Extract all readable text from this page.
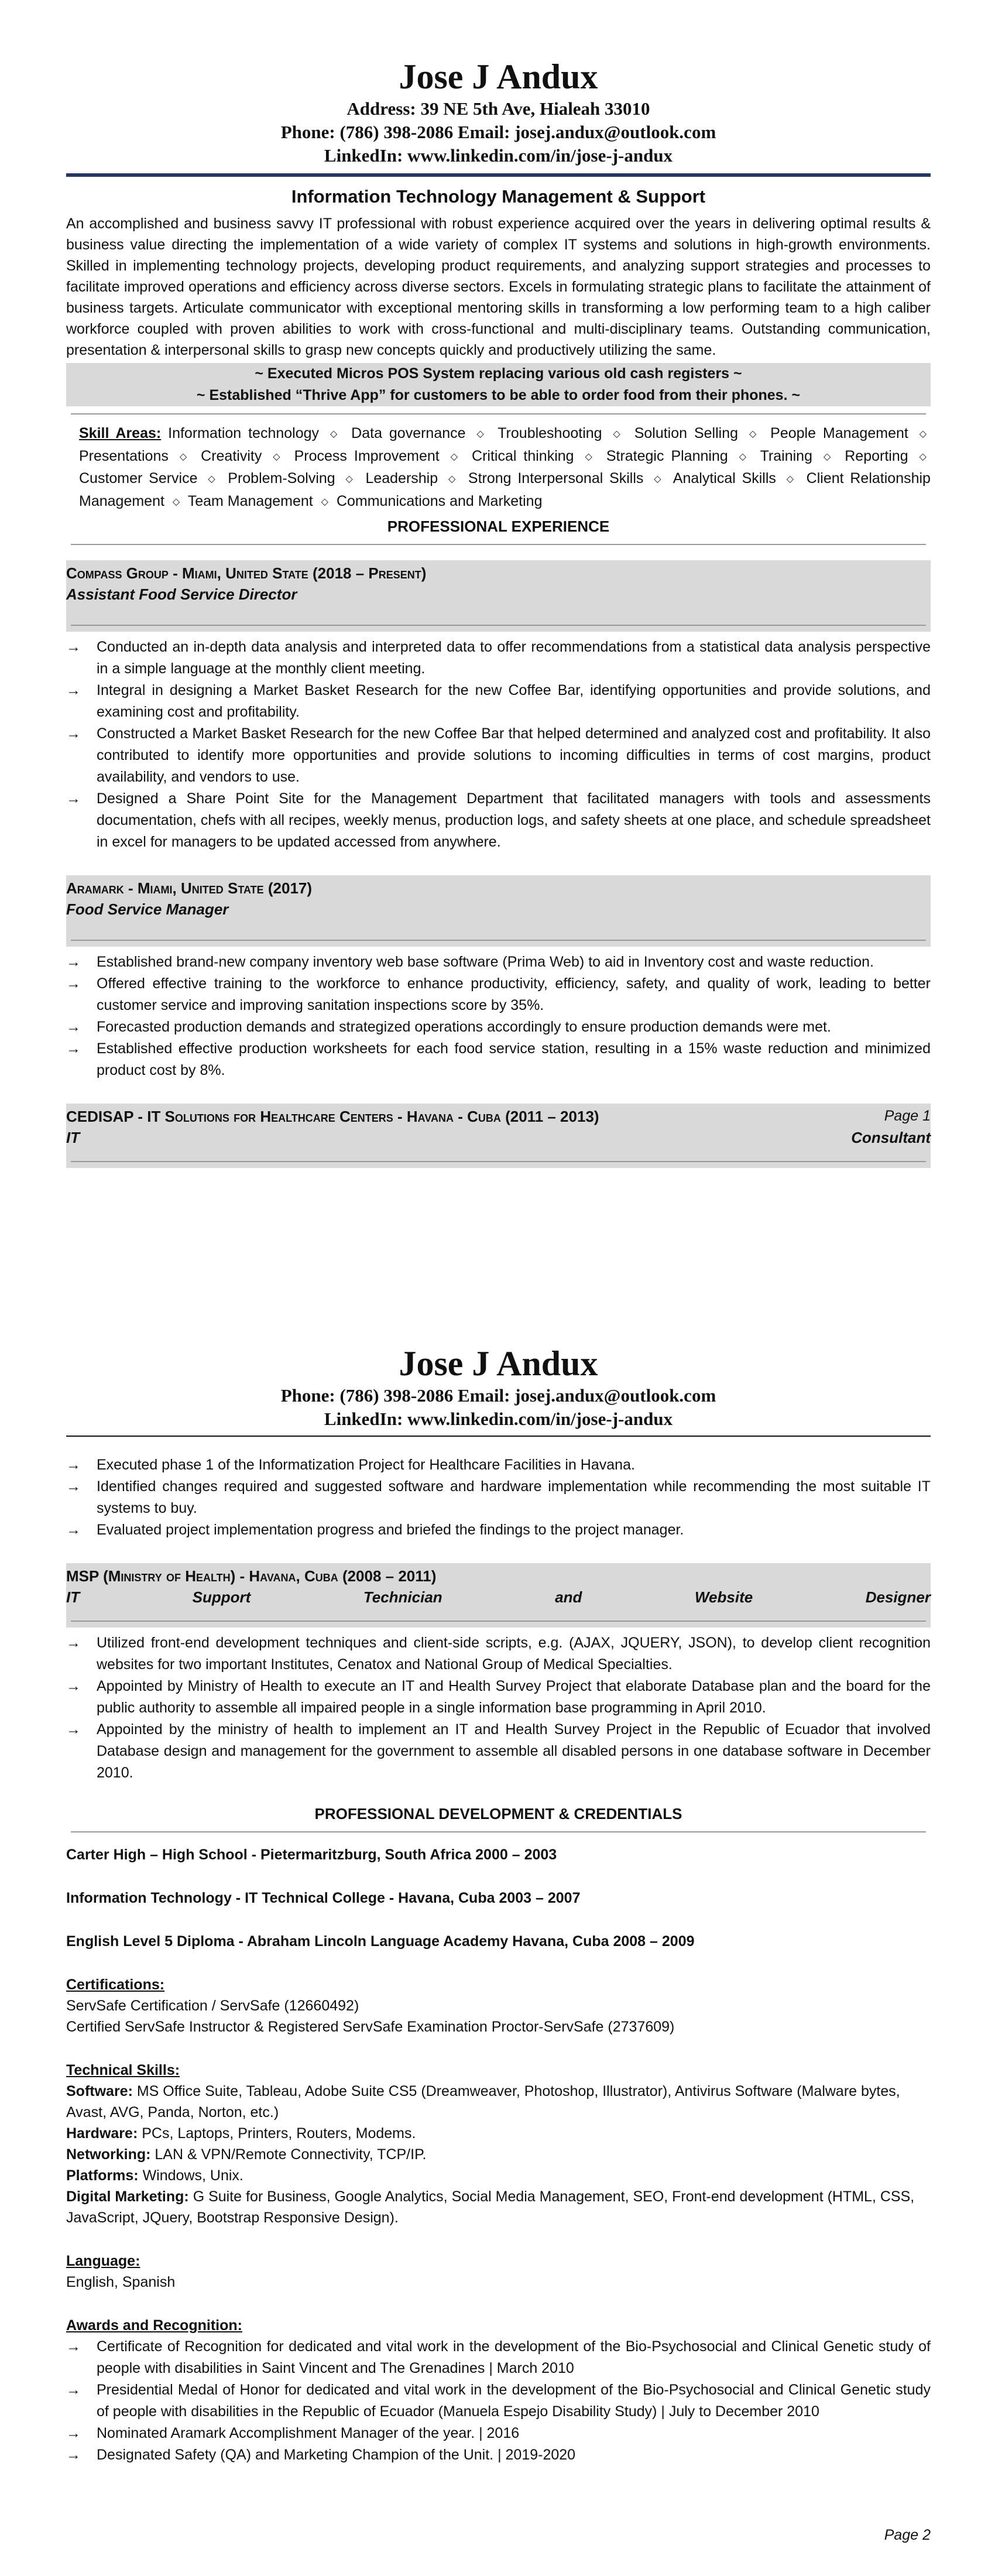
Jose J Andux
Address: 39 NE 5th Ave, Hialeah 33010
Phone: (786) 398-2086 Email: josej.andux@outlook.com
LinkedIn: www.linkedin.com/in/jose-j-andux
Information Technology Management & Support
An accomplished and business savvy IT professional with robust experience acquired over the years in delivering optimal results & business value directing the implementation of a wide variety of complex IT systems and solutions in high-growth environments. Skilled in implementing technology projects, developing product requirements, and analyzing support strategies and processes to facilitate improved operations and efficiency across diverse sectors. Excels in formulating strategic plans to facilitate the attainment of business targets. Articulate communicator with exceptional mentoring skills in transforming a low performing team to a high caliber workforce coupled with proven abilities to work with cross-functional and multi-disciplinary teams. Outstanding communication, presentation & interpersonal skills to grasp new concepts quickly and productively utilizing the same.
~ Executed Micros POS System replacing various old cash registers ~
~ Established “Thrive App” for customers to be able to order food from their phones. ~
Skill Areas: Information technology ◇ Data governance ◇ Troubleshooting ◇ Solution Selling ◇ People Management ◇ Presentations ◇ Creativity ◇ Process Improvement ◇ Critical thinking ◇ Strategic Planning ◇ Training ◇ Reporting ◇ Customer Service ◇ Problem-Solving ◇ Leadership ◇ Strong Interpersonal Skills ◇ Analytical Skills ◇ Client Relationship Management ◇ Team Management ◇ Communications and Marketing
PROFESSIONAL EXPERIENCE
Compass Group - Miami, United State (2018 – Present)
Assistant Food Service Director
→ Conducted an in-depth data analysis and interpreted data to offer recommendations from a statistical data analysis perspective in a simple language at the monthly client meeting.
→ Integral in designing a Market Basket Research for the new Coffee Bar, identifying opportunities and provide solutions, and examining cost and profitability.
→ Constructed a Market Basket Research for the new Coffee Bar that helped determined and analyzed cost and profitability. It also contributed to identify more opportunities and provide solutions to incoming difficulties in terms of cost margins, product availability, and vendors to use.
→ Designed a Share Point Site for the Management Department that facilitated managers with tools and assessments documentation, chefs with all recipes, weekly menus, production logs, and safety sheets at one place, and schedule spreadsheet in excel for managers to be updated accessed from anywhere.
Aramark - Miami, United State (2017)
Food Service Manager
→ Established brand-new company inventory web base software (Prima Web) to aid in Inventory cost and waste reduction.
→ Offered effective training to the workforce to enhance productivity, efficiency, safety, and quality of work, leading to better customer service and improving sanitation inspections score by 35%.
→ Forecasted production demands and strategized operations accordingly to ensure production demands were met.
→ Established effective production worksheets for each food service station, resulting in a 15% waste reduction and minimized product cost by 8%.
CEDISAP - IT Solutions for Healthcare Centers - Havana - Cuba (2011 – 2013)
IT Consultant
Page 1
Jose J Andux
Phone: (786) 398-2086 Email: josej.andux@outlook.com
LinkedIn: www.linkedin.com/in/jose-j-andux
→ Executed phase 1 of the Informatization Project for Healthcare Facilities in Havana.
→ Identified changes required and suggested software and hardware implementation while recommending the most suitable IT systems to buy.
→ Evaluated project implementation progress and briefed the findings to the project manager.
MSP (Ministry of Health) - Havana, Cuba (2008 – 2011)
IT Support Technician and Website Designer
→ Utilized front-end development techniques and client-side scripts, e.g. (AJAX, JQUERY, JSON), to develop client recognition websites for two important Institutes, Cenatox and National Group of Medical Specialties.
→ Appointed by Ministry of Health to execute an IT and Health Survey Project that elaborate Database plan and the board for the public authority to assemble all impaired people in a single information base programming in April 2010.
→ Appointed by the ministry of health to implement an IT and Health Survey Project in the Republic of Ecuador that involved Database design and management for the government to assemble all disabled persons in one database software in December 2010.
PROFESSIONAL DEVELOPMENT & CREDENTIALS
Carter High – High School - Pietermaritzburg, South Africa 2000 – 2003
Information Technology - IT Technical College - Havana, Cuba 2003 – 2007
English Level 5 Diploma - Abraham Lincoln Language Academy Havana, Cuba 2008 – 2009
Certifications:
ServSafe Certification / ServSafe (12660492)
Certified ServSafe Instructor & Registered ServSafe Examination Proctor-ServSafe (2737609)
Technical Skills:
Software: MS Office Suite, Tableau, Adobe Suite CS5 (Dreamweaver, Photoshop, Illustrator), Antivirus Software (Malware bytes, Avast, AVG, Panda, Norton, etc.)
Hardware: PCs, Laptops, Printers, Routers, Modems.
Networking: LAN & VPN/Remote Connectivity, TCP/IP.
Platforms: Windows, Unix.
Digital Marketing: G Suite for Business, Google Analytics, Social Media Management, SEO, Front-end development (HTML, CSS, JavaScript, JQuery, Bootstrap Responsive Design).
Language:
English, Spanish
Awards and Recognition:
→ Certificate of Recognition for dedicated and vital work in the development of the Bio-Psychosocial and Clinical Genetic study of people with disabilities in Saint Vincent and The Grenadines | March 2010
→ Presidential Medal of Honor for dedicated and vital work in the development of the Bio-Psychosocial and Clinical Genetic study of people with disabilities in the Republic of Ecuador (Manuela Espejo Disability Study) | July to December 2010
→ Nominated Aramark Accomplishment Manager of the year. | 2016
→ Designated Safety (QA) and Marketing Champion of the Unit. | 2019-2020
Page 2
